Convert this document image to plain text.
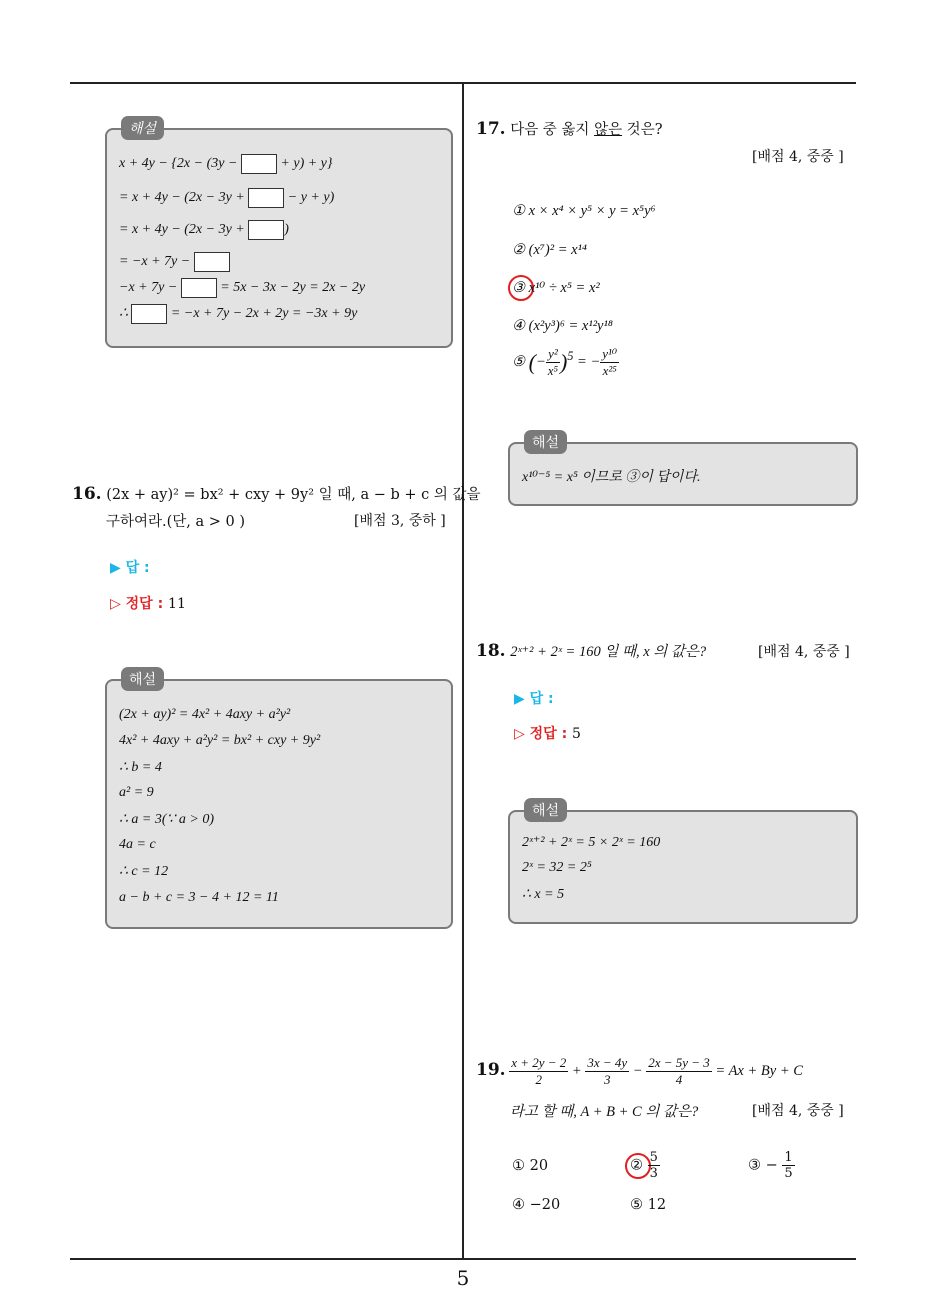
5
해설
x + 4y − {2x − (3y −	+ y) + y}
= x + 4y − (2x − 3y +	− y + y)
= x + 4y − (2x − 3y +	)
= −x + 7y −
−x + 7y −	= 5x − 3x − 2y = 2x − 2y
∴	= −x + 7y − 2x + 2y = −3x + 9y
16. (2x + ay)² = bx² + cxy + 9y² 일 때, a − b + c 의 값을
구하여라.(단, a > 0 )	[배점 3, 중하 ]
▶ 답 :
▷ 정답 : 11
해설
(2x + ay)² = 4x² + 4axy + a²y²
4x² + 4axy + a²y² = bx² + cxy + 9y²
∴ b = 4
a² = 9
∴ a = 3(∵ a > 0)
4a = c
∴ c = 12
a − b + c = 3 − 4 + 12 = 11
17. 다음 중 옳지 않은 것은?
[배점 4, 중중 ]
① x × x⁴ × y⁵ × y = x⁵y⁶
② (x⁷)² = x¹⁴
③ x¹⁰ ÷ x⁵ = x²
④ (x²y³)⁶ = x¹²y¹⁸
⑤ (− $\frac{\text{y²}}{\text{x⁵}} )^5$ = − $\frac{\text{y¹⁰}}{\text{x²⁵}}$
해설
x¹⁰⁻⁵ = x⁵ 이므로 ③이 답이다.
18. 2ˣ⁺² + 2ˣ = 160 일 때, x 의 값은?	[배점 4, 중중 ]
▶ 답 :
▷ 정답 : 5
해설
2ˣ⁺² + 2ˣ = 5 × 2ˣ = 160
2ˣ = 32 = 2⁵
∴ x = 5
19. $\frac{x + 2y - 2}{2} + \frac{3x - 4y}{3} - \frac{2x - 5y - 3}{4} = Ax + By + C$
라고 할 때, A + B + C 의 값은?	[배점 4, 중중 ]
① 20	② $\frac{5}{3}$	③ − $\frac{1}{5}$
④ −20	⑤ 12
